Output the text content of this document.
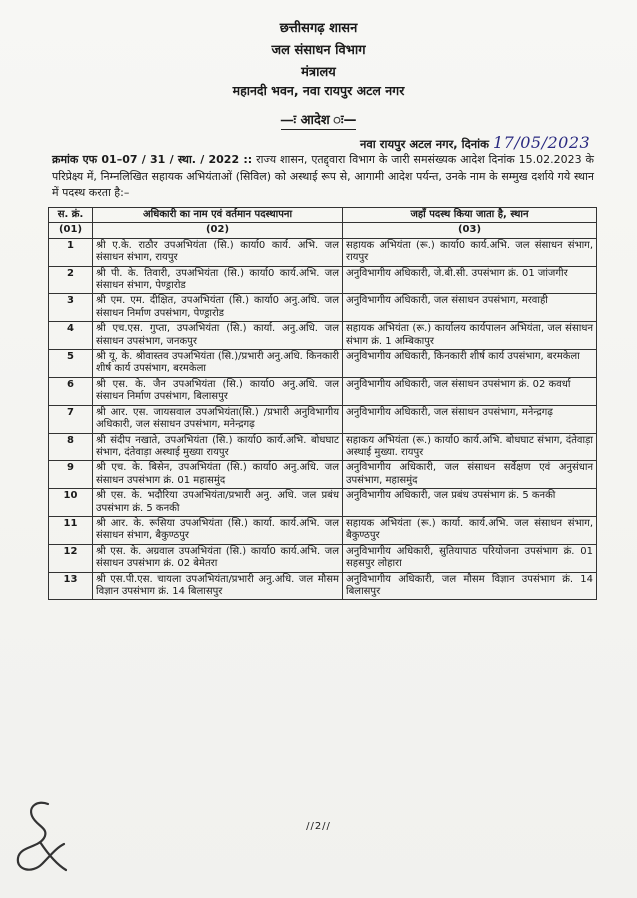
छत्तीसगढ़ शासन
जल संसाधन विभाग
मंत्रालय
महानदी भवन, नवा रायपुर अटल नगर
—ः आदेश ः—
नवा रायपुर अटल नगर, दिनांक 17/05/2023
क्रमांक एफ 01–07 / 31 / स्था. / 2022 :: राज्य शासन, एतद्द्वारा विभाग के जारी समसंख्यक आदेश दिनांक 15.02.2023 के परिप्रेक्ष्य में, निम्नलिखित सहायक अभियंताओं (सिविल) को अस्थाई रूप से, आगामी आदेश पर्यन्त, उनके नाम के सम्मुख दर्शाये गये स्थान में पदस्थ करता है:–
स. क्रं.	अधिकारी का नाम एवं वर्तमान पदस्थापना	जहाँ पदस्थ किया जाता है, स्थान
(01)	(02)	(03)
1	श्री ए.के. राठौर उपअभियंता (सि.) कार्या0 कार्य. अभि. जल संसाधन संभाग, रायपुर	सहायक अभियंता (रू.) कार्या0 कार्य.अभि. जल संसाधन संभाग, रायपुर
2	श्री पी. के. तिवारी, उपअभियंता (सि.) कार्या0 कार्य.अभि. जल संसाधन संभाग, पेण्ड्रारोड	अनुविभागीय अधिकारी, जे.बी.सी. उपसंभाग क्रं. 01 जांजगीर
3	श्री एम. एम. दीक्षित, उपअभियंता (सि.) कार्या0 अनु.अधि. जल संसाधन निर्माण उपसंभाग, पेण्ड्रारोड	अनुविभागीय अधिकारी, जल संसाधन उपसंभाग, मरवाही
4	श्री एच.एस. गुप्ता, उपअभियंता (सि.) कार्या. अनु.अधि. जल संसाधन उपसंभाग, जनकपुर	सहायक अभियंता (रू.) कार्यालय कार्यपालन अभियंता, जल संसाधन संभाग क्रं. 1 अम्बिकापुर
5	श्री यू. के. श्रीवास्तव उपअभियंता (सि.)/प्रभारी अनु.अधि. किनकारी शीर्ष कार्य उपसंभाग, बरमकेला	अनुविभागीय अधिकारी, किनकारी शीर्ष कार्य उपसंभाग, बरमकेला
6	श्री एस. के. जैन उपअभियंता (सि.) कार्या0 अनु.अधि. जल संसाधन निर्माण उपसंभाग, बिलासपुर	अनुविभागीय अधिकारी, जल संसाधन उपसंभाग क्रं. 02 कवर्धा
7	श्री आर. एस. जायसवाल उपअभियंता(सि.) /प्रभारी अनुविभागीय अधिकारी, जल संसाधन उपसंभाग, मनेन्द्रगढ़	अनुविभागीय अधिकारी, जल संसाधन उपसंभाग, मनेन्द्रगढ़
8	श्री संदीप नखाते, उपअभियंता (सि.) कार्या0 कार्य.अभि. बोधघाट संभाग, दंतेवाड़ा अस्थाई मुख्या रायपुर	सहाकय अभियंता (रू.) कार्या0 कार्य.अभि. बोधघाट संभाग, दंतेवाड़ा अस्थाई मुख्या. रायपुर
9	श्री एच. के. बिसेन, उपअभियंता (सि.) कार्या0 अनु.अधि. जल संसाधन उपसंभाग क्रं. 01 महासमुंद	अनुविभागीय अधिकारी, जल संसाधन सर्वेक्षण एवं अनुसंधान उपसंभाग, महासमुंद
10	श्री एस. के. भदौरिया उपअभियंता/प्रभारी अनु. अधि. जल प्रबंध उपसंभाग क्रं. 5 कनकी	अनुविभागीय अधिकारी, जल प्रबंध उपसंभाग क्रं. 5 कनकी
11	श्री आर. के. रूसिया उपअभियंता (सि.) कार्या. कार्य.अभि. जल संसाधन संभाग, बैकुण्ठपुर	सहायक अभियंता (रू.) कार्या. कार्य.अभि. जल संसाधन संभाग, बैकुण्ठपुर
12	श्री एस. के. अग्रवाल उपअभियंता (सि.) कार्या0 कार्य.अभि. जल संसाधन उपसंभाग क्रं. 02 बेमेतरा	अनुविभागीय अधिकारी, सुतियापाठ परियोजना उपसंभाग क्रं. 01 सहसपुर लोहारा
13	श्री एस.पी.एस. चायला उपअभियंता/प्रभारी अनु.अधि. जल मौसम विज्ञान उपसंभाग क्रं. 14 बिलासपुर	अनुविभागीय अधिकारी, जल मौसम विज्ञान उपसंभाग क्रं. 14 बिलासपुर
//2//
